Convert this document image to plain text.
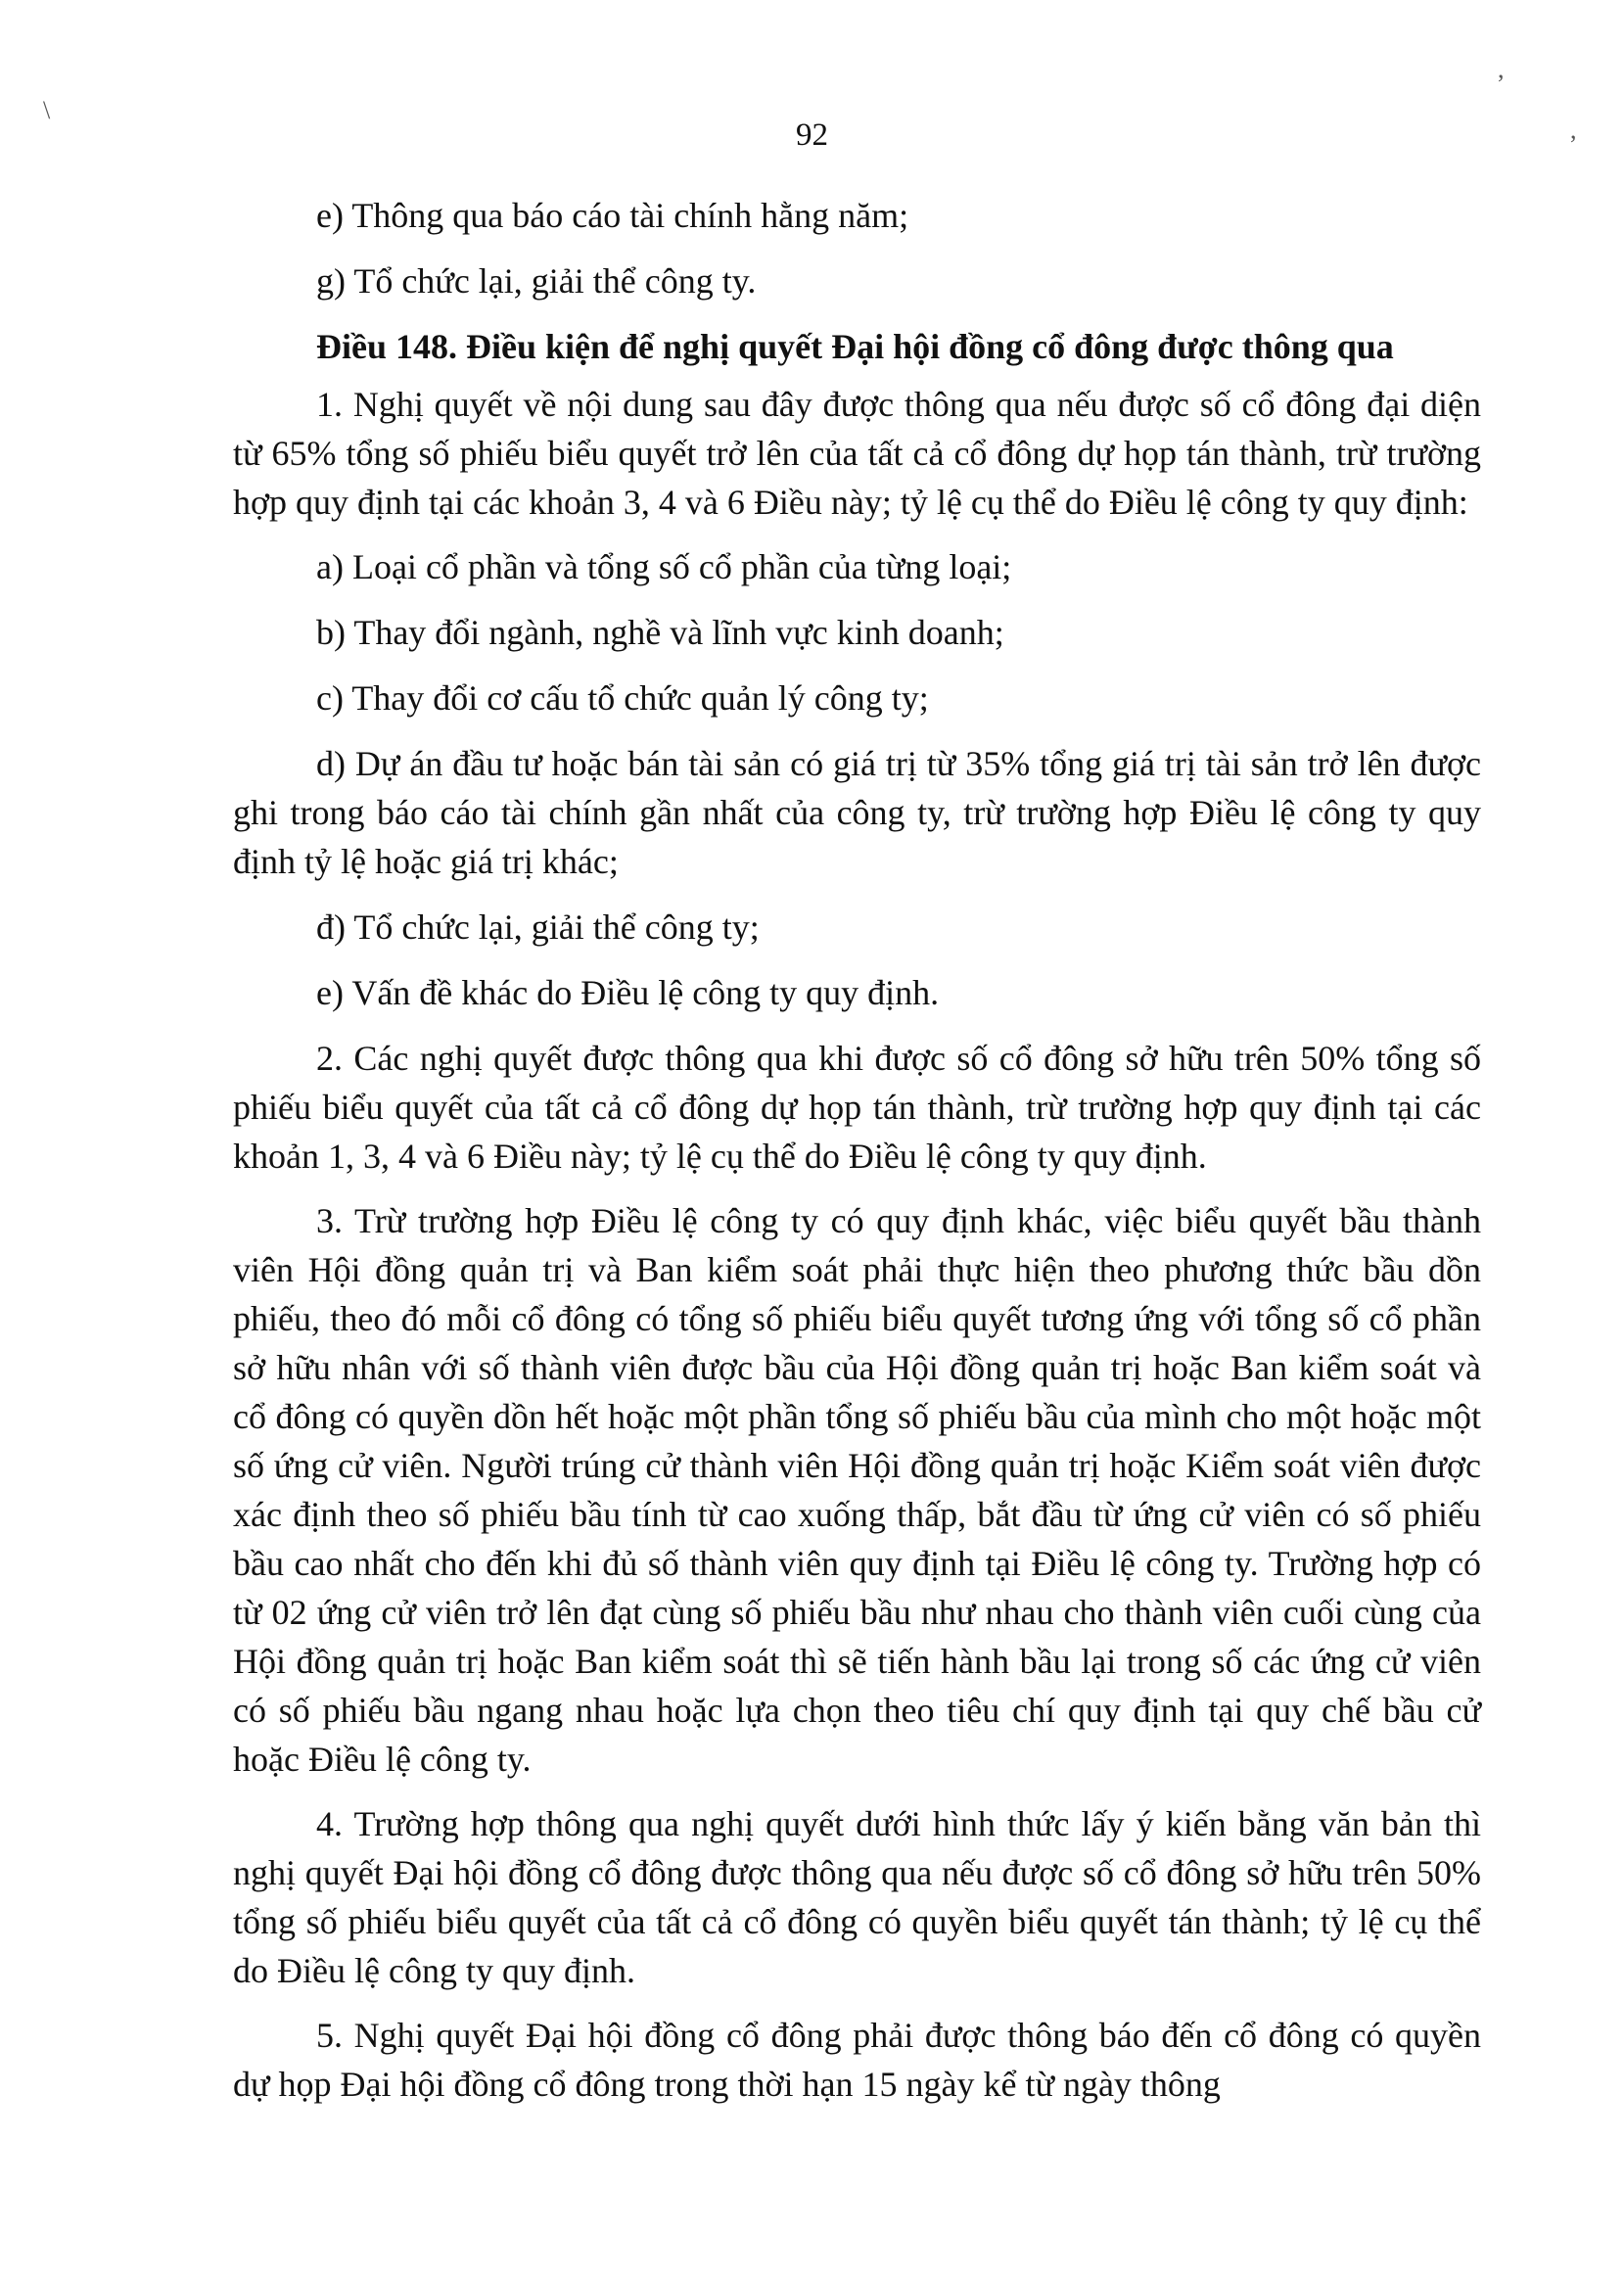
\
,
,
92

e) Thông qua báo cáo tài chính hằng năm;

g) Tổ chức lại, giải thể công ty.

Điều 148. Điều kiện để nghị quyết Đại hội đồng cổ đông được thông qua

1. Nghị quyết về nội dung sau đây được thông qua nếu được số cổ đông đại diện từ 65% tổng số phiếu biểu quyết trở lên của tất cả cổ đông dự họp tán thành, trừ trường hợp quy định tại các khoản 3, 4 và 6 Điều này; tỷ lệ cụ thể do Điều lệ công ty quy định:

a) Loại cổ phần và tổng số cổ phần của từng loại;

b) Thay đổi ngành, nghề và lĩnh vực kinh doanh;

c) Thay đổi cơ cấu tổ chức quản lý công ty;

d) Dự án đầu tư hoặc bán tài sản có giá trị từ 35% tổng giá trị tài sản trở lên được ghi trong báo cáo tài chính gần nhất của công ty, trừ trường hợp Điều lệ công ty quy định tỷ lệ hoặc giá trị khác;

đ) Tổ chức lại, giải thể công ty;

e) Vấn đề khác do Điều lệ công ty quy định.

2. Các nghị quyết được thông qua khi được số cổ đông sở hữu trên 50% tổng số phiếu biểu quyết của tất cả cổ đông dự họp tán thành, trừ trường hợp quy định tại các khoản 1, 3, 4 và 6 Điều này; tỷ lệ cụ thể do Điều lệ công ty quy định.

3. Trừ trường hợp Điều lệ công ty có quy định khác, việc biểu quyết bầu thành viên Hội đồng quản trị và Ban kiểm soát phải thực hiện theo phương thức bầu dồn phiếu, theo đó mỗi cổ đông có tổng số phiếu biểu quyết tương ứng với tổng số cổ phần sở hữu nhân với số thành viên được bầu của Hội đồng quản trị hoặc Ban kiểm soát và cổ đông có quyền dồn hết hoặc một phần tổng số phiếu bầu của mình cho một hoặc một số ứng cử viên. Người trúng cử thành viên Hội đồng quản trị hoặc Kiểm soát viên được xác định theo số phiếu bầu tính từ cao xuống thấp, bắt đầu từ ứng cử viên có số phiếu bầu cao nhất cho đến khi đủ số thành viên quy định tại Điều lệ công ty. Trường hợp có từ 02 ứng cử viên trở lên đạt cùng số phiếu bầu như nhau cho thành viên cuối cùng của Hội đồng quản trị hoặc Ban kiểm soát thì sẽ tiến hành bầu lại trong số các ứng cử viên có số phiếu bầu ngang nhau hoặc lựa chọn theo tiêu chí quy định tại quy chế bầu cử hoặc Điều lệ công ty.

4. Trường hợp thông qua nghị quyết dưới hình thức lấy ý kiến bằng văn bản thì nghị quyết Đại hội đồng cổ đông được thông qua nếu được số cổ đông sở hữu trên 50% tổng số phiếu biểu quyết của tất cả cổ đông có quyền biểu quyết tán thành; tỷ lệ cụ thể do Điều lệ công ty quy định.

5. Nghị quyết Đại hội đồng cổ đông phải được thông báo đến cổ đông có quyền dự họp Đại hội đồng cổ đông trong thời hạn 15 ngày kể từ ngày thông
